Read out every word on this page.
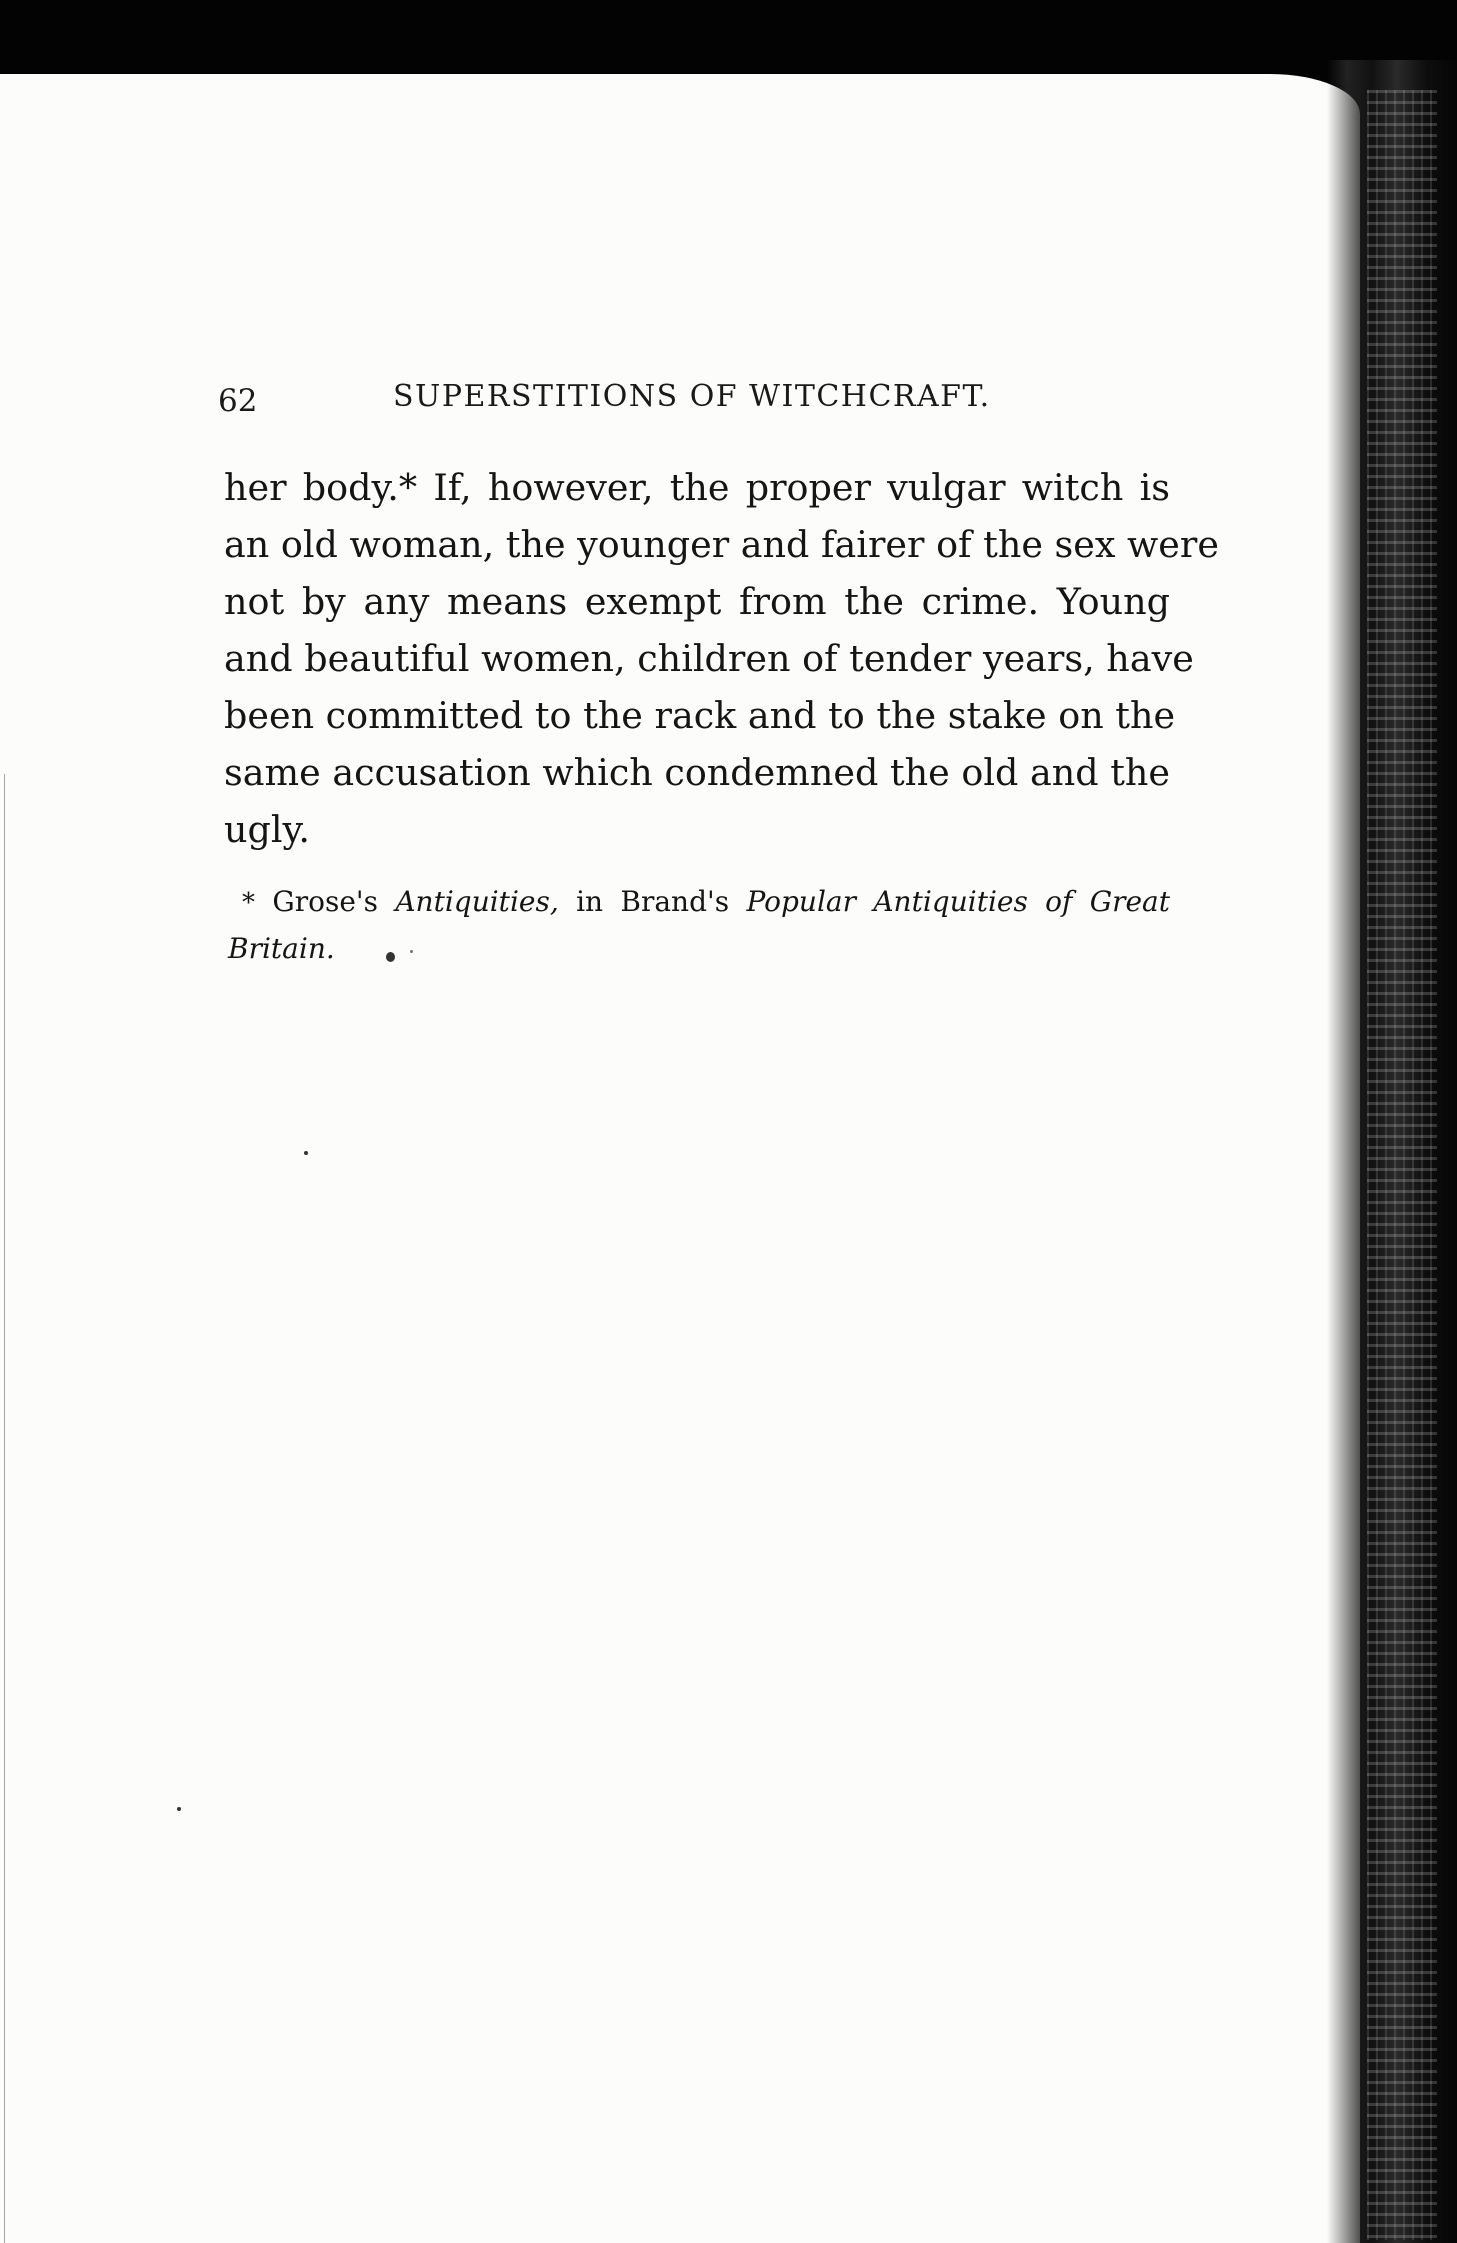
62	SUPERSTITIONS OF WITCHCRAFT.
her body.* If, however, the proper vulgar witch is
an old woman, the younger and fairer of the sex were
not by any means exempt from the crime. Young
and beautiful women, children of tender years, have
been committed to the rack and to the stake on the
same accusation which condemned the old and the
ugly.
* Grose's Antiquities, in Brand's Popular Antiquities of Great
Britain.
